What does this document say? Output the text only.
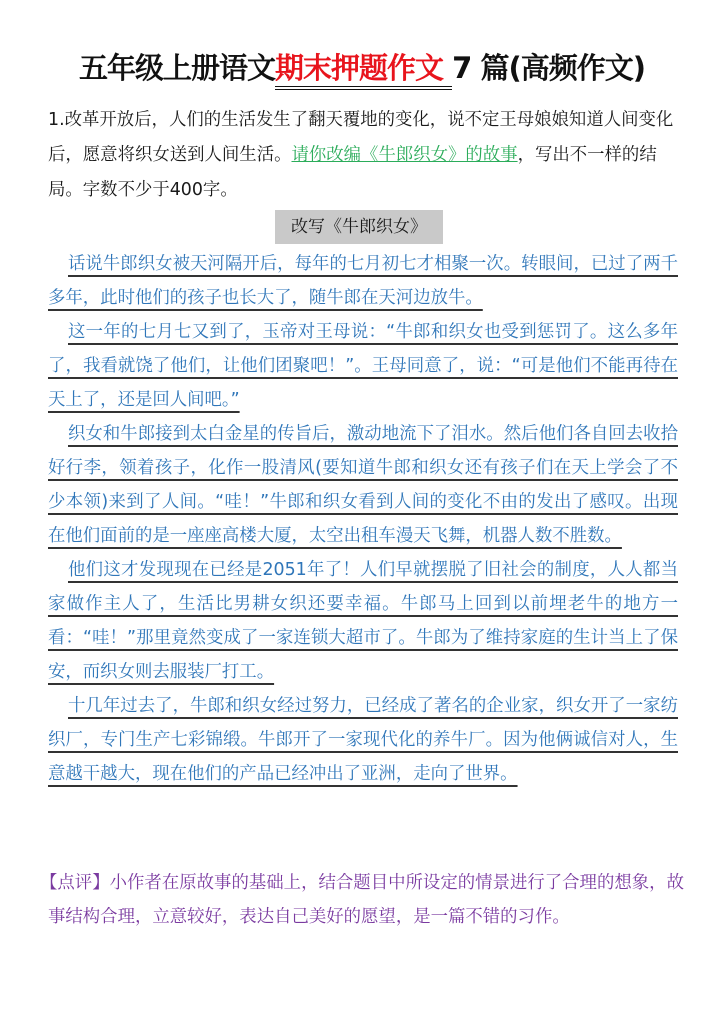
五年级上册语文期末押题作文 7 篇(高频作文)
1.改革开放后，人们的生活发生了翻天覆地的变化，说不定王母娘娘知道人间变化后，愿意将织女送到人间生活。请你改编《牛郎织女》的故事，写出不一样的结局。字数不少于400字。
改写《牛郎织女》

话说牛郎织女被天河隔开后，每年的七月初七才相聚一次。转眼间，已过了两千多年，此时他们的孩子也长大了，随牛郎在天河边放牛。

这一年的七月七又到了，玉帝对王母说：“牛郎和织女也受到惩罚了。这么多年了，我看就饶了他们，让他们团聚吧！”。王母同意了，说：“可是他们不能再待在天上了，还是回人间吧。”

织女和牛郎接到太白金星的传旨后，激动地流下了泪水。然后他们各自回去收拾好行李，领着孩子，化作一股清风(要知道牛郎和织女还有孩子们在天上学会了不少本领)来到了人间。“哇！”牛郎和织女看到人间的变化不由的发出了感叹。出现在他们面前的是一座座高楼大厦，太空出租车漫天飞舞，机器人数不胜数。

他们这才发现现在已经是2051年了！人们早就摆脱了旧社会的制度，人人都当家做作主人了，生活比男耕女织还要幸福。牛郎马上回到以前埋老牛的地方一看：“哇！”那里竟然变成了一家连锁大超市了。牛郎为了维持家庭的生计当上了保安，而织女则去服装厂打工。

十几年过去了，牛郎和织女经过努力，已经成了著名的企业家，织女开了一家纺织厂，专门生产七彩锦缎。牛郎开了一家现代化的养牛厂。因为他俩诚信对人，生意越干越大，现在他们的产品已经冲出了亚洲，走向了世界。

【点评】小作者在原故事的基础上，结合题目中所设定的情景进行了合理的想象，故事结构合理，立意较好，表达自己美好的愿望，是一篇不错的习作。
